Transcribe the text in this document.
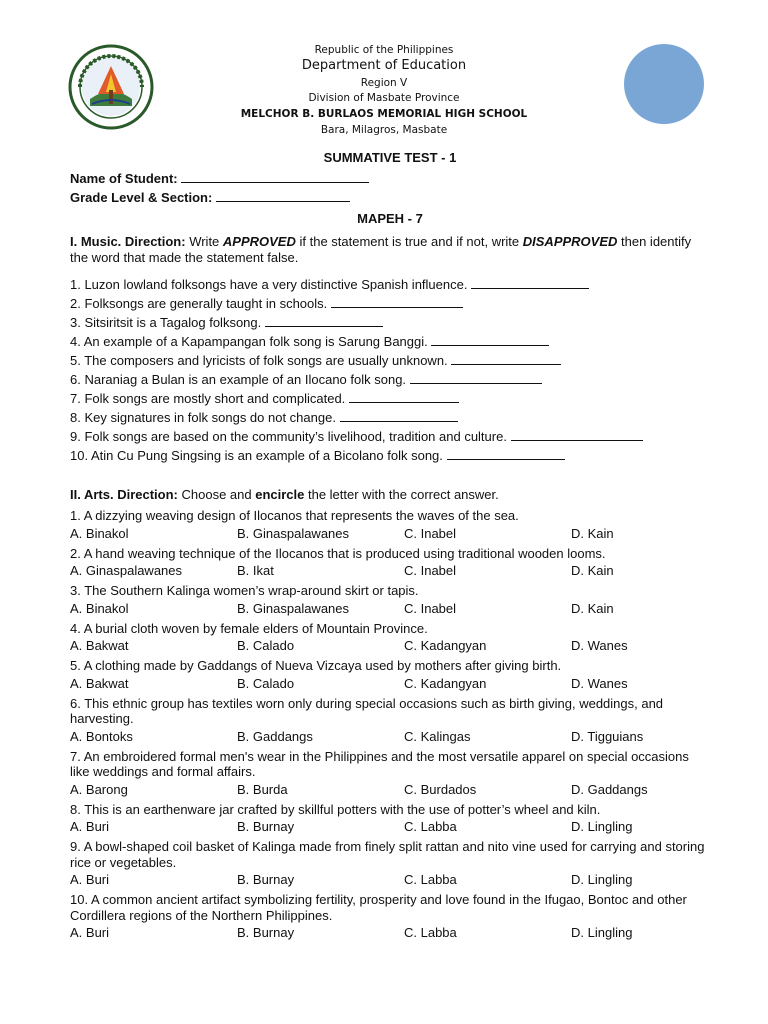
Republic of the Philippines
Department of Education
Region V
Division of Masbate Province
MELCHOR B. BURLAOS MEMORIAL HIGH SCHOOL
Bara, Milagros, Masbate
SUMMATIVE TEST - 1
Name of Student:
Grade Level & Section:
MAPEH - 7
I. Music. Direction: Write APPROVED if the statement is true and if not, write DISAPPROVED then identify the word that made the statement false.
1. Luzon lowland folksongs have a very distinctive Spanish influence.
2. Folksongs are generally taught in schools.
3. Sitsiritsit is a Tagalog folksong.
4. An example of a Kapampangan folk song is Sarung Banggi.
5. The composers and lyricists of folk songs are usually unknown.
6. Naraniag a Bulan is an example of an Ilocano folk song.
7. Folk songs are mostly short and complicated.
8. Key signatures in folk songs do not change.
9. Folk songs are based on the community’s livelihood, tradition and culture.
10. Atin Cu Pung Singsing is an example of a Bicolano folk song.
II. Arts. Direction: Choose and encircle the letter with the correct answer.
1. A dizzying weaving design of Ilocanos that represents the waves of the sea.
A. Binakol	B. Ginaspalawanes	C. Inabel	D. Kain
2. A hand weaving technique of the Ilocanos that is produced using traditional wooden looms.
A. Ginaspalawanes	B. Ikat	C. Inabel	D. Kain
3. The Southern Kalinga women’s wrap-around skirt or tapis.
A. Binakol	B. Ginaspalawanes	C. Inabel	D. Kain
4. A burial cloth woven by female elders of Mountain Province.
A. Bakwat	B. Calado	C. Kadangyan	D. Wanes
5. A clothing made by Gaddangs of Nueva Vizcaya used by mothers after giving birth.
A. Bakwat	B. Calado	C. Kadangyan	D. Wanes
6. This ethnic group has textiles worn only during special occasions such as birth giving, weddings, and harvesting.
A. Bontoks	B. Gaddangs	C. Kalingas	D. Tigguians
7. An embroidered formal men's wear in the Philippines and the most versatile apparel on special occasions like weddings and formal affairs.
A. Barong	B. Burda	C. Burdados	D. Gaddangs
8. This is an earthenware jar crafted by skillful potters with the use of potter’s wheel and kiln.
A. Buri	B. Burnay	C. Labba	D. Lingling
9. A bowl-shaped coil basket of Kalinga made from finely split rattan and nito vine used for carrying and storing rice or vegetables.
A. Buri	B. Burnay	C. Labba	D. Lingling
10. A common ancient artifact symbolizing fertility, prosperity and love found in the Ifugao, Bontoc and other Cordillera regions of the Northern Philippines.
A. Buri	B. Burnay	C. Labba	D. Lingling
